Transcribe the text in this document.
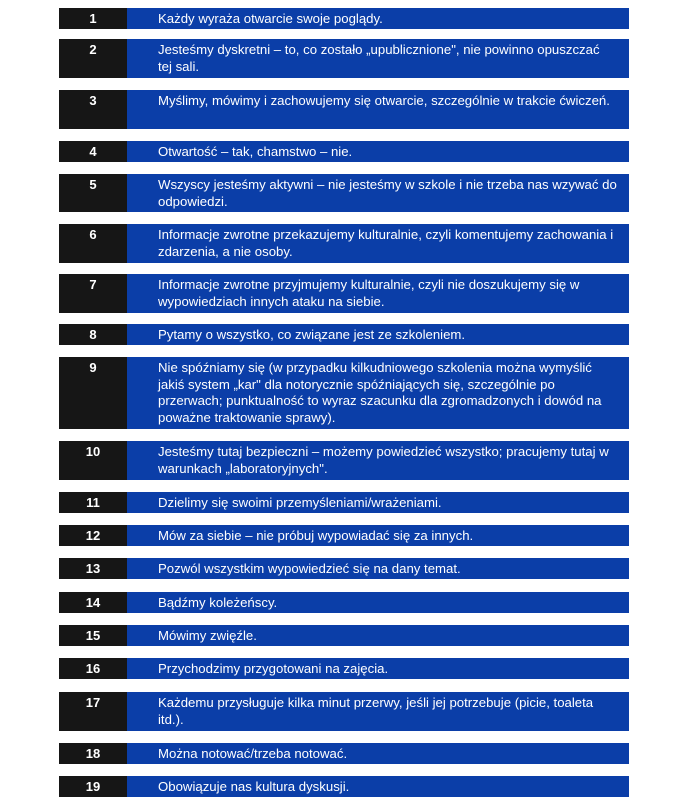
1	Każdy wyraża otwarcie swoje poglądy.
2	Jesteśmy dyskretni – to, co zostało „upublicznione", nie powinno opuszczać tej sali.
3	Myślimy, mówimy i zachowujemy się otwarcie, szczególnie w trakcie ćwiczeń.
4	Otwartość – tak, chamstwo – nie.
5	Wszyscy jesteśmy aktywni – nie jesteśmy w szkole i nie trzeba nas wzywać do odpowiedzi.
6	Informacje zwrotne przekazujemy kulturalnie, czyli komentujemy zachowania i zdarzenia, a nie osoby.
7	Informacje zwrotne przyjmujemy kulturalnie, czyli nie doszukujemy się w wypowiedziach innych ataku na siebie.
8	Pytamy o wszystko, co związane jest ze szkoleniem.
9	Nie spóźniamy się (w przypadku kilkudniowego szkolenia można wymyślić jakiś system „kar" dla notorycznie spóźniających się, szczególnie po przerwach; punktualność to wyraz szacunku dla zgromadzonych i dowód na poważne traktowanie sprawy).
10	Jesteśmy tutaj bezpieczni – możemy powiedzieć wszystko; pracujemy tutaj w warunkach „laboratoryjnych".
11	Dzielimy się swoimi przemyśleniami/wrażeniami.
12	Mów za siebie – nie próbuj wypowiadać się za innych.
13	Pozwól wszystkim wypowiedzieć się na dany temat.
14	Bądźmy koleżeńscy.
15	Mówimy zwięźle.
16	Przychodzimy przygotowani na zajęcia.
17	Każdemu przysługuje kilka minut przerwy, jeśli jej potrzebuje (picie, toaleta itd.).
18	Można notować/trzeba notować.
19	Obowiązuje nas kultura dyskusji.
